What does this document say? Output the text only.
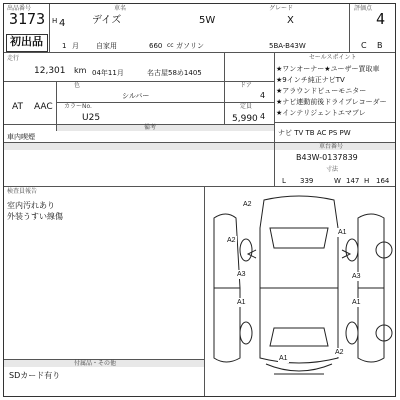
出品番号
3173 H 4
車名
デイズ	5W
グレード
X
評価点
4
初出品	1 月 自家用	660 cc ガソリン	5BA-B43W	C B
走行
12,301 km 04年11月	名古屋58め1405
色
シルバー
ドア
4
AT AAC カラーNo.	定員
U25	4
5,990
備考
車内喫煙
セールスポイント
★ワンオーナー★ユーザー買取車
★9インチ純正ナビTV
★アラウンドビューモニター
★ナビ連動前後ドライブレコーダー
★インテリジェントエマブレ
ナビ TV TB AC PS PW
車台番号
B43W-0137839
寸法
L 339	W 147 H 164
検査員報告
室内汚れあり
外装うすい線傷
付属品・その他
SDカード有り
A2
A2
A1
A3
A1
A3
A1
A1
A2
